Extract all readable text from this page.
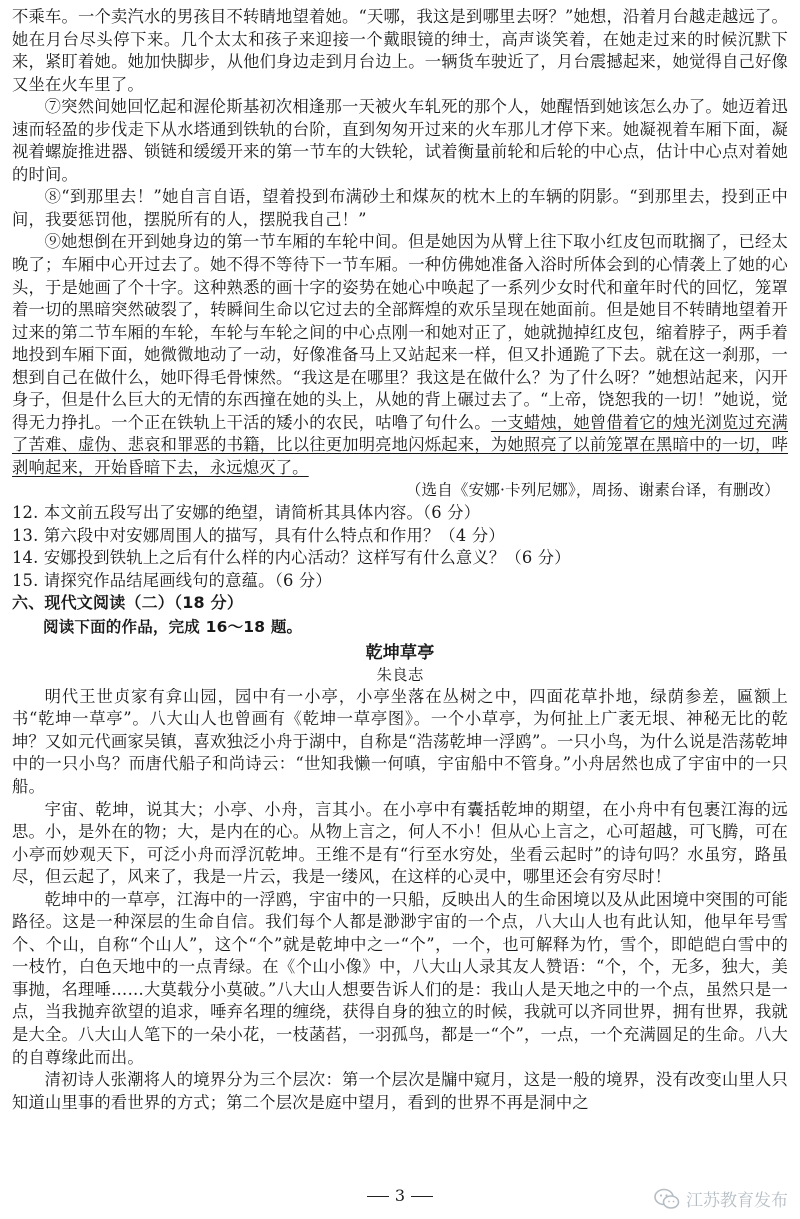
不乘车。一个卖汽水的男孩目不转睛地望着她。“天哪，我这是到哪里去呀？”她想，沿着月台越走越远了。她在月台尽头停下来。几个太太和孩子来迎接一个戴眼镜的绅士，高声谈笑着，在她走过来的时候沉默下来，紧盯着她。她加快脚步，从他们身边走到月台边上。一辆货车驶近了，月台震撼起来，她觉得自己好像又坐在火车里了。

⑦突然间她回忆起和渥伦斯基初次相逢那一天被火车轧死的那个人，她醒悟到她该怎么办了。她迈着迅速而轻盈的步伐走下从水塔通到铁轨的台阶，直到匆匆开过来的火车那儿才停下来。她凝视着车厢下面，凝视着螺旋推进器、锁链和缓缓开来的第一节车的大铁轮，试着衡量前轮和后轮的中心点，估计中心点对着她的时间。

⑧“到那里去！”她自言自语，望着投到布满砂土和煤灰的枕木上的车辆的阴影。“到那里去，投到正中间，我要惩罚他，摆脱所有的人，摆脱我自己！”

⑨她想倒在开到她身边的第一节车厢的车轮中间。但是她因为从臂上往下取小红皮包而耽搁了，已经太晚了；车厢中心开过去了。她不得不等待下一节车厢。一种仿佛她准备入浴时所体会到的心情袭上了她的心头，于是她画了个十字。这种熟悉的画十字的姿势在她心中唤起了一系列少女时代和童年时代的回忆，笼罩着一切的黑暗突然破裂了，转瞬间生命以它过去的全部辉煌的欢乐呈现在她面前。但是她目不转睛地望着开过来的第二节车厢的车轮，车轮与车轮之间的中心点刚一和她对正了，她就抛掉红皮包，缩着脖子，两手着地投到车厢下面，她微微地动了一动，好像准备马上又站起来一样，但又扑通跪了下去。就在这一刹那，一想到自己在做什么，她吓得毛骨悚然。“我这是在哪里？我这是在做什么？为了什么呀？”她想站起来，闪开身子，但是什么巨大的无情的东西撞在她的头上，从她的背上碾过去了。“上帝，饶恕我的一切！”她说，觉得无力挣扎。一个正在铁轨上干活的矮小的农民，咕噜了句什么。一支蜡烛，她曾借着它的烛光浏览过充满了苦难、虚伪、悲哀和罪恶的书籍，比以往更加明亮地闪烁起来，为她照亮了以前笼罩在黑暗中的一切，哔剥响起来，开始昏暗下去，永远熄灭了。

（选自《安娜·卡列尼娜》，周扬、谢素台译，有删改）

12. 本文前五段写出了安娜的绝望，请简析其具体内容。（6 分）

13. 第六段中对安娜周围人的描写，具有什么特点和作用？（4 分）

14. 安娜投到铁轨上之后有什么样的内心活动？这样写有什么意义？（6 分）

15. 请探究作品结尾画线句的意蕴。（6 分）

六、现代文阅读（二）（18 分）

阅读下面的作品，完成 16～18 题。

乾坤草亭

朱良志

明代王世贞家有弇山园，园中有一小亭，小亭坐落在丛树之中，四面花草扑地，绿荫参差，匾额上书“乾坤一草亭”。八大山人也曾画有《乾坤一草亭图》。一个小草亭，为何扯上广袤无垠、神秘无比的乾坤？又如元代画家吴镇，喜欢独泛小舟于湖中，自称是“浩荡乾坤一浮鸥”。一只小鸟，为什么说是浩荡乾坤中的一只小鸟？而唐代船子和尚诗云：“世知我懒一何嗔，宇宙船中不管身。”小舟居然也成了宇宙中的一只船。

宇宙、乾坤，说其大；小亭、小舟，言其小。在小亭中有囊括乾坤的期望，在小舟中有包裹江海的远思。小，是外在的物；大，是内在的心。从物上言之，何人不小！但从心上言之，心可超越，可飞腾，可在小亭而妙观天下，可泛小舟而浮沉乾坤。王维不是有“行至水穷处，坐看云起时”的诗句吗？水虽穷，路虽尽，但云起了，风来了，我是一片云，我是一缕风，在这样的心灵中，哪里还会有穷尽时！

乾坤中的一草亭，江海中的一浮鸥，宇宙中的一只船，反映出人的生命困境以及从此困境中突围的可能路径。这是一种深层的生命自信。我们每个人都是渺渺宇宙的一个点，八大山人也有此认知，他早年号雪个、个山，自称“个山人”，这个“个”就是乾坤中之一“个”，一个，也可解释为竹，雪个，即皑皑白雪中的一枝竹，白色天地中的一点青绿。在《个山小像》中，八大山人录其友人赞语：“个，个，无多，独大，美事抛，名理唾……大莫载分小莫破。”八大山人想要告诉人们的是：我山人是天地之中的一个点，虽然只是一点，当我抛弃欲望的追求，唾弃名理的缠绕，获得自身的独立的时候，我就可以齐同世界，拥有世界，我就是大全。八大山人笔下的一朵小花，一枝菡萏，一羽孤鸟，都是一“个”，一点，一个充满圆足的生命。八大的自尊缘此而出。

清初诗人张潮将人的境界分为三个层次：第一个层次是牖中窥月，这是一般的境界，没有改变山里人只知道山里事的看世界的方式；第二个层次是庭中望月，看到的世界不再是洞中之

3	江苏教育发布
